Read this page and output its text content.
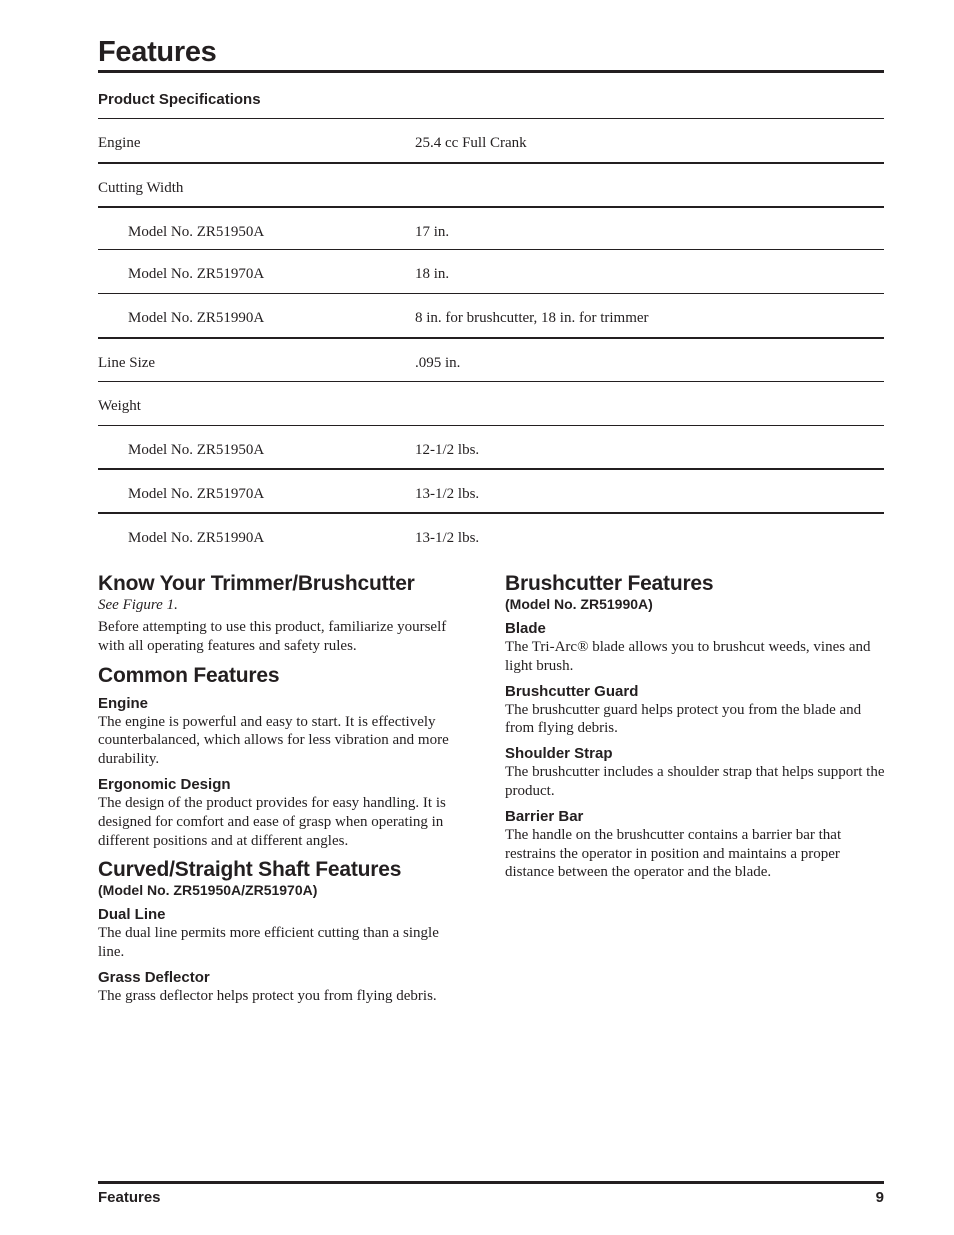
Features
Product Specifications
Engine	25.4 cc Full Crank
Cutting Width
Model No. ZR51950A	17 in.
Model No. ZR51970A	18 in.
Model No. ZR51990A	8 in. for brushcutter, 18 in. for trimmer
Line Size	.095 in.
Weight
Model No. ZR51950A	12-1/2 lbs.
Model No. ZR51970A	13-1/2 lbs.
Model No. ZR51990A	13-1/2 lbs.
Know Your Trimmer/Brushcutter

See Figure 1.

Before attempting to use this product, familiarize yourself with all operating features and safety rules.

Common Features
Engine

The engine is powerful and easy to start. It is effectively counterbalanced, which allows for less vibration and more durability.

Ergonomic Design

The design of the product provides for easy handling. It is designed for comfort and ease of grasp when operating in different positions and at different angles.

Curved/Straight Shaft Features

(Model No. ZR51950A/ZR51970A)

Dual Line

The dual line permits more efficient cutting than a single line.

Grass Deflector

The grass deflector helps protect you from flying debris.

Brushcutter Features

(Model No. ZR51990A)

Blade

The Tri-Arc® blade allows you to brushcut weeds, vines and light brush.

Brushcutter Guard

The brushcutter guard helps protect you from the blade and from flying debris.

Shoulder Strap

The brushcutter includes a shoulder strap that helps support the product.

Barrier Bar

The handle on the brushcutter contains a barrier bar that restrains the operator in position and maintains a proper distance between the operator and the blade.

Features	9
